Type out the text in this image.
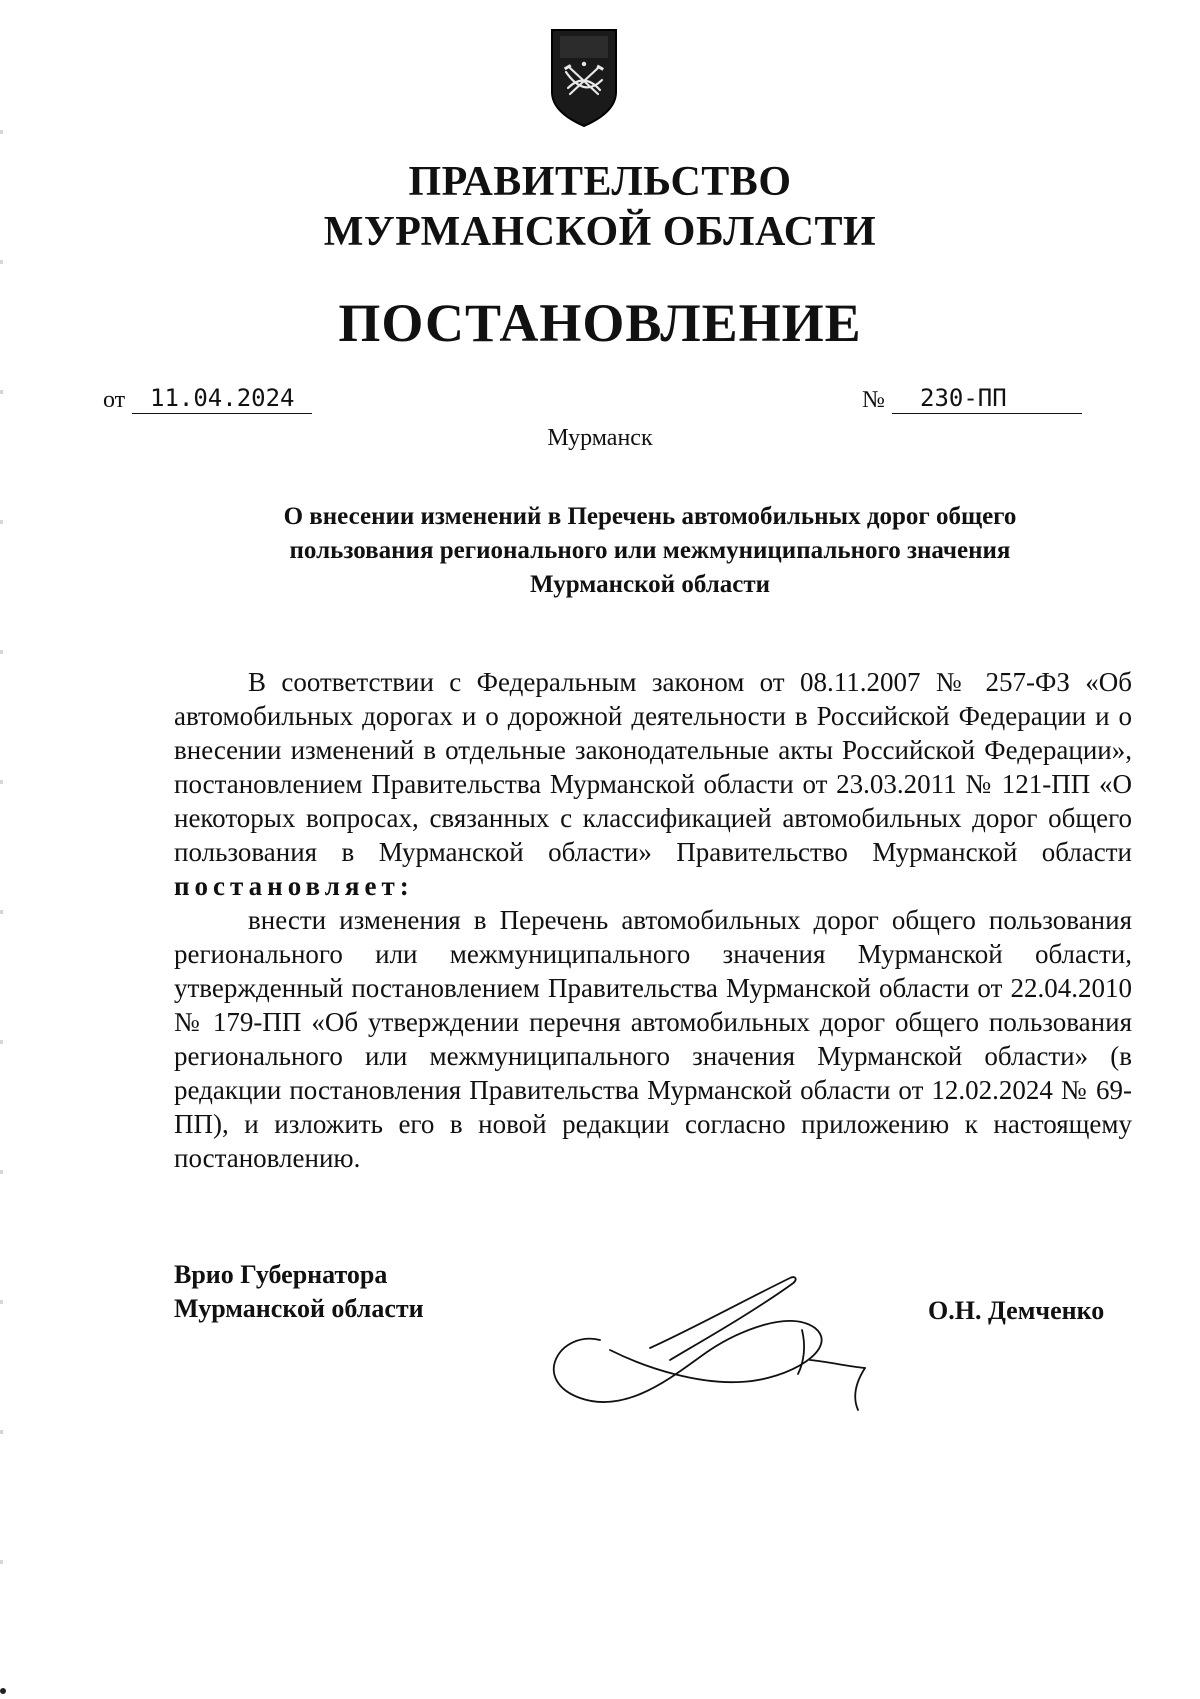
ПРАВИТЕЛЬСТВО
МУРМАНСКОЙ ОБЛАСТИ
ПОСТАНОВЛЕНИЕ
от	11.04.2024	№	230-ПП
Мурманск
О внесении изменений в Перечень автомобильных дорог общего
пользования регионального или межмуниципального значения
Мурманской области

В соответствии с Федеральным законом от 08.11.2007 № 257-ФЗ «Об автомобильных дорогах и о дорожной деятельности в Российской Федерации и о внесении изменений в отдельные законодательные акты Российской Федерации», постановлением Правительства Мурманской области от 23.03.2011 № 121-ПП «О некоторых вопросах, связанных с классификацией автомобильных дорог общего пользования в Мурманской области» Правительство Мурманской области постановляет:

внести изменения в Перечень автомобильных дорог общего пользования регионального или межмуниципального значения Мурманской области, утвержденный постановлением Правительства Мурманской области от 22.04.2010 № 179-ПП «Об утверждении перечня автомобильных дорог общего пользования регионального или межмуниципального значения Мурманской области» (в редакции постановления Правительства Мурманской области от 12.02.2024 № 69-ПП), и изложить его в новой редакции согласно приложению к настоящему постановлению.

Врио Губернатора
Мурманской области	О.Н. Демченко
